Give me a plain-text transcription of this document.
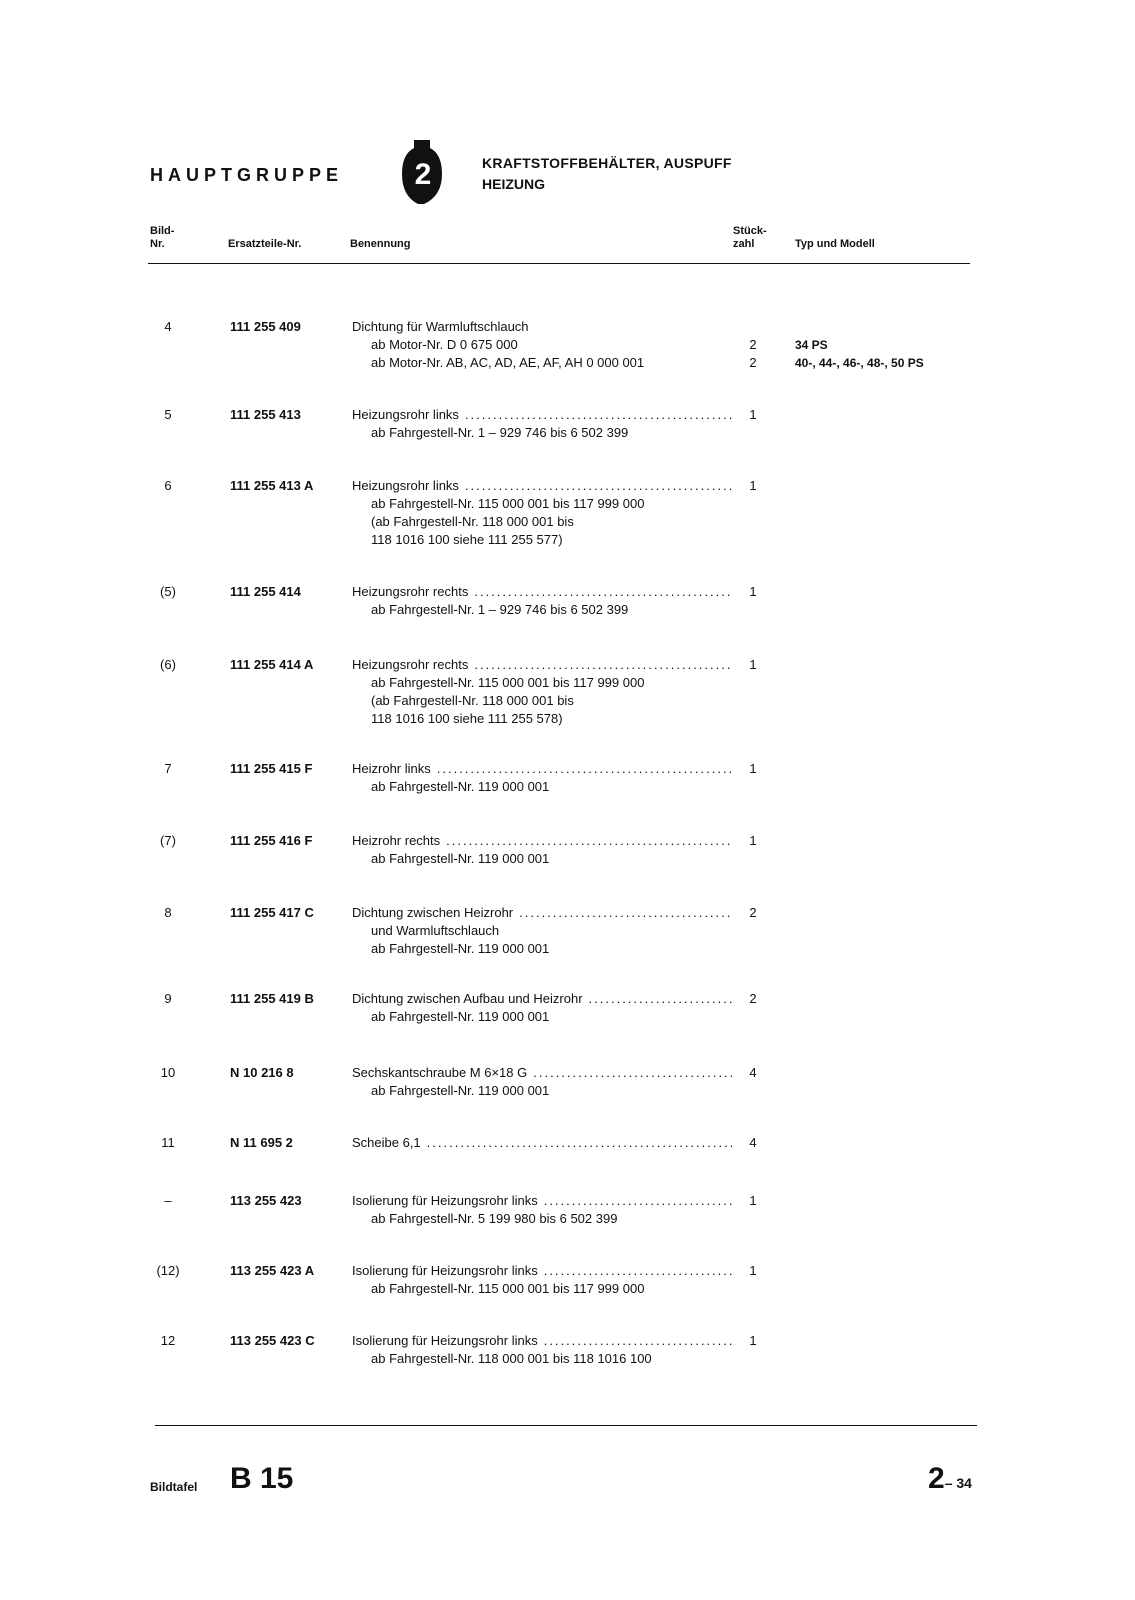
HAUPTGRUPPE 2	KRAFTSTOFFBEHÄLTER, AUSPUFF
HEIZUNG
Bild-
Nr.	Ersatzteile-Nr.	Benennung
Stück-
zahl	Typ und Modell
4	111 255 409	Dichtung für Warmluftschlauch
ab Motor-Nr. D 0 675 000
ab Motor-Nr. AB, AC, AD, AE, AF, AH 0 000 001
2	34 PS
2	40-, 44-, 46-, 48-, 50 PS
5	111 255 413	Heizungsrohr links
.....
ab Fahrgestell-Nr. 1 – 929 746 bis 6 502 399
1
6	111 255 413 A	Heizungsrohr links
.....
ab Fahrgestell-Nr. 115 000 001 bis 117 999 000
(ab Fahrgestell-Nr. 118 000 001 bis
118 1016 100 siehe 111 255 577)
1
(5)	111 255 414	Heizungsrohr rechts
.....
ab Fahrgestell-Nr. 1 – 929 746 bis 6 502 399
1
(6)	111 255 414 A	Heizungsrohr rechts
.....
ab Fahrgestell-Nr. 115 000 001 bis 117 999 000
(ab Fahrgestell-Nr. 118 000 001 bis
118 1016 100 siehe 111 255 578)
1
7	111 255 415 F	Heizrohr links
.....
ab Fahrgestell-Nr. 119 000 001
1
(7)	111 255 416 F	Heizrohr rechts
.....
ab Fahrgestell-Nr. 119 000 001
1
8	111 255 417 C	Dichtung zwischen Heizrohr
.....
und Warmluftschlauch
ab Fahrgestell-Nr. 119 000 001
2
9	111 255 419 B	Dichtung zwischen Aufbau und Heizrohr
.....
ab Fahrgestell-Nr. 119 000 001
2
10	N 10 216 8	Sechskantschraube M 6×18 G
.....
ab Fahrgestell-Nr. 119 000 001
4
11	N 11 695 2	Scheibe 6,1
.....	4
–	113 255 423	Isolierung für Heizungsrohr links
.....
ab Fahrgestell-Nr. 5 199 980 bis 6 502 399
1
(12)	113 255 423 A	Isolierung für Heizungsrohr links
.....
ab Fahrgestell-Nr. 115 000 001 bis 117 999 000
1
12	113 255 423 C	Isolierung für Heizungsrohr links
.....
ab Fahrgestell-Nr. 118 000 001 bis 118 1016 100
1
Bildtafel B 15	2– 34
